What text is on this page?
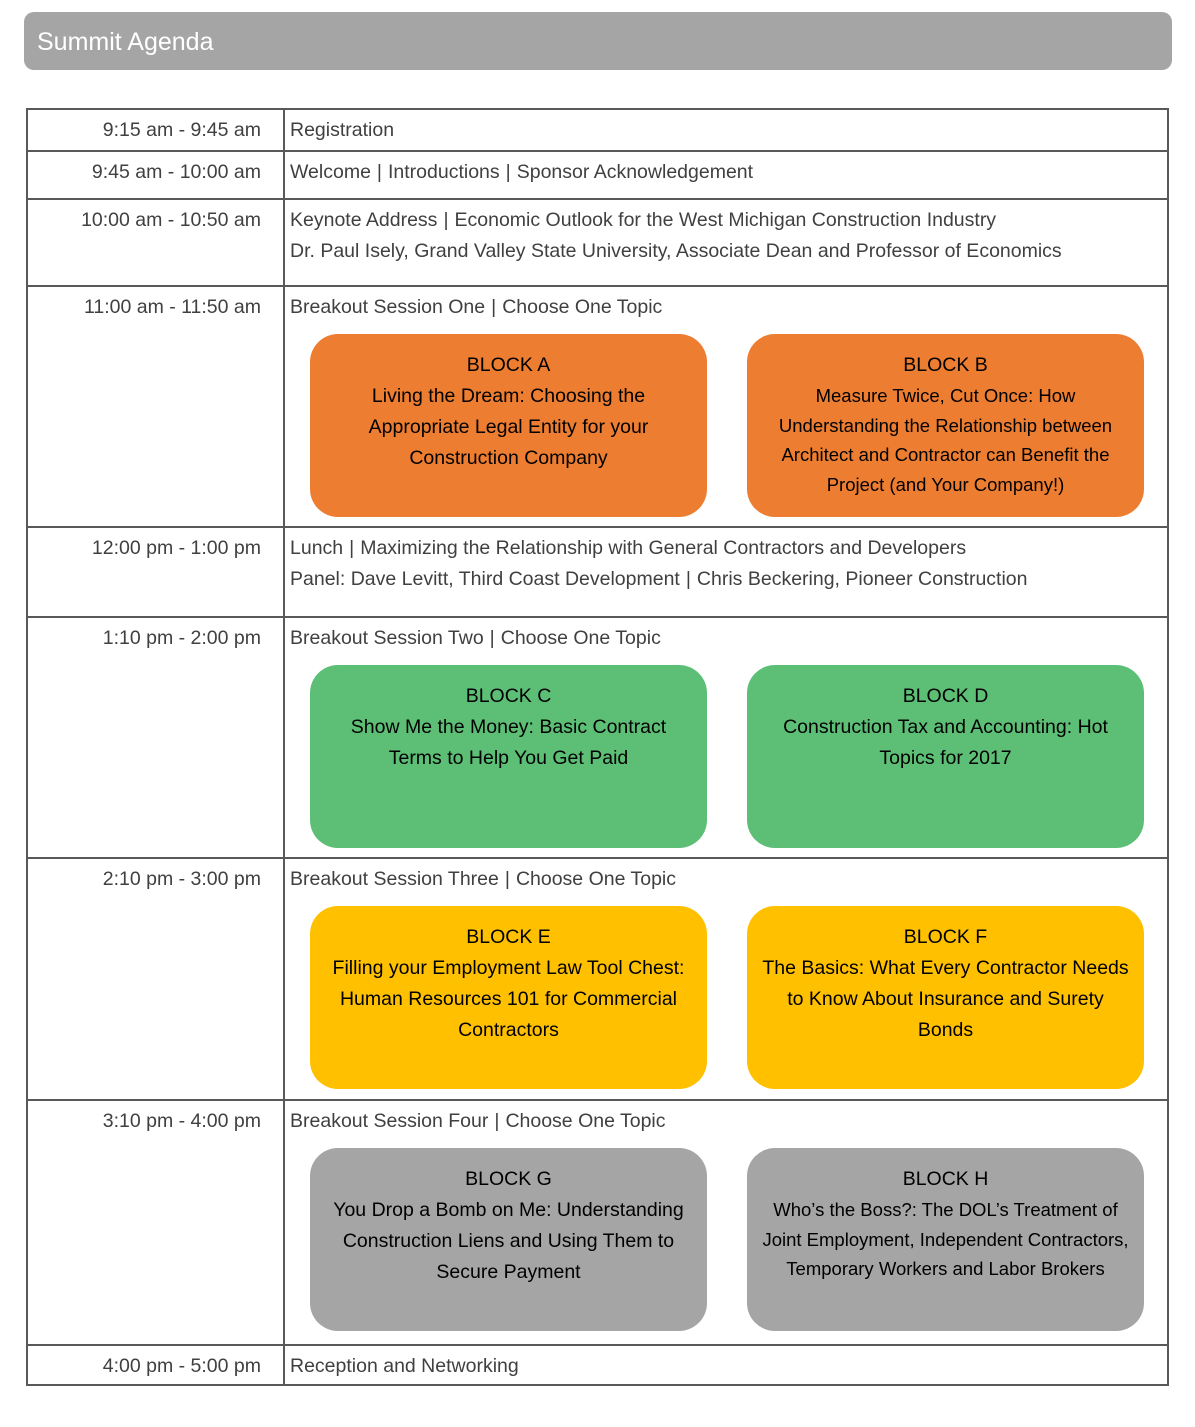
Summit Agenda
9:15 am - 9:45 am	Registration
9:45 am - 10:00 am	Welcome | Introductions | Sponsor Acknowledgement
10:00 am - 10:50 am	Keynote Address | Economic Outlook for the West Michigan Construction Industry
Dr. Paul Isely, Grand Valley State University, Associate Dean and Professor of Economics
11:00 am - 11:50 am	Breakout Session One | Choose One Topic
BLOCK A
Living the Dream: Choosing the Appropriate Legal Entity for your Construction Company
BLOCK B
Measure Twice, Cut Once: How Understanding the Relationship between Architect and Contractor can Benefit the Project (and Your Company!)
12:00 pm - 1:00 pm	Lunch | Maximizing the Relationship with General Contractors and Developers
Panel: Dave Levitt, Third Coast Development | Chris Beckering, Pioneer Construction
1:10 pm - 2:00 pm	Breakout Session Two | Choose One Topic
BLOCK C
Show Me the Money: Basic Contract Terms to Help You Get Paid
BLOCK D
Construction Tax and Accounting: Hot Topics for 2017
2:10 pm - 3:00 pm	Breakout Session Three | Choose One Topic
BLOCK E
Filling your Employment Law Tool Chest: Human Resources 101 for Commercial Contractors
BLOCK F
The Basics: What Every Contractor Needs to Know About Insurance and Surety Bonds
3:10 pm - 4:00 pm	Breakout Session Four | Choose One Topic
BLOCK G
You Drop a Bomb on Me: Understanding Construction Liens and Using Them to Secure Payment
BLOCK H
Who’s the Boss?: The DOL’s Treatment of Joint Employment, Independent Contractors, Temporary Workers and Labor Brokers
4:00 pm - 5:00 pm	Reception and Networking
